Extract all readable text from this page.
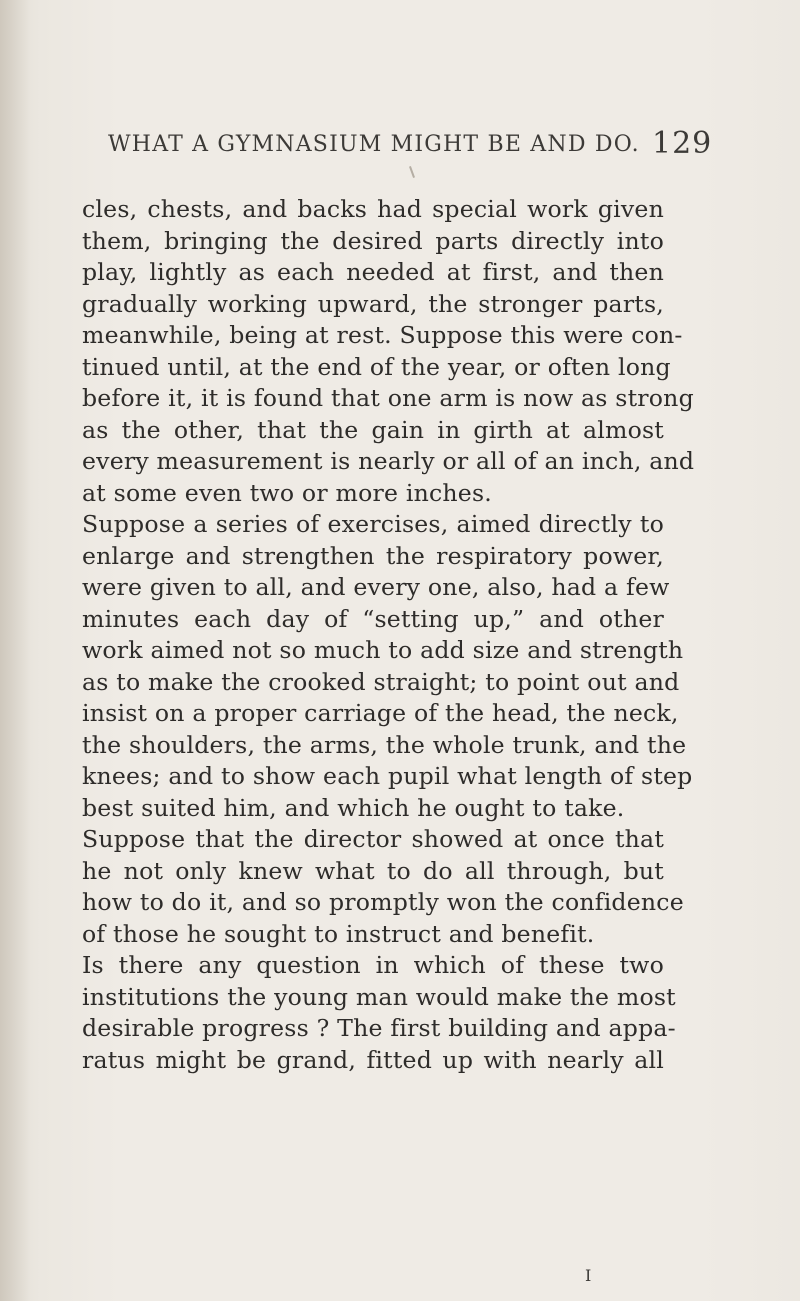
WHAT A GYMNASIUM MIGHT BE AND DO. 129
cles, chests, and backs had special work given
them, bringing the desired parts directly into
play, lightly as each needed at first, and then
gradually working upward, the stronger parts,
meanwhile, being at rest. Suppose this were con-
tinued until, at the end of the year, or often long
before it, it is found that one arm is now as strong
as the other, that the gain in girth at almost
every measurement is nearly or all of an inch, and
at some even two or more inches.
Suppose a series of exercises, aimed directly to
enlarge and strengthen the respiratory power,
were given to all, and every one, also, had a few
minutes each day of “setting up,” and other
work aimed not so much to add size and strength
as to make the crooked straight; to point out and
insist on a proper carriage of the head, the neck,
the shoulders, the arms, the whole trunk, and the
knees; and to show each pupil what length of step
best suited him, and which he ought to take.
Suppose that the director showed at once that
he not only knew what to do all through, but
how to do it, and so promptly won the confidence
of those he sought to instruct and benefit.
Is there any question in which of these two
institutions the young man would make the most
desirable progress ? The first building and appa-
ratus might be grand, fitted up with nearly all
I
